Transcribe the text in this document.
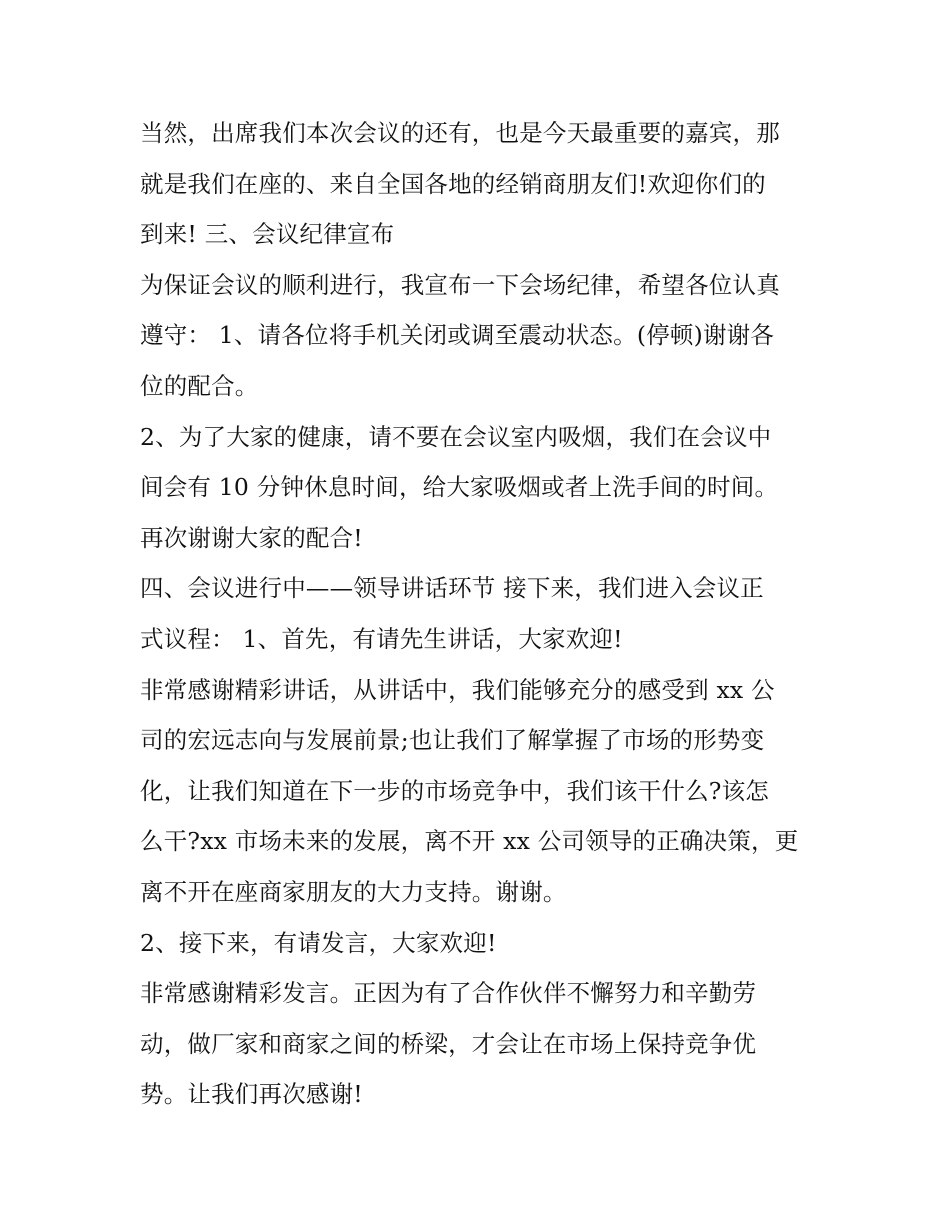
当然，出席我们本次会议的还有，也是今天最重要的嘉宾，那
就是我们在座的、来自全国各地的经销商朋友们!欢迎你们的
到来! 三、会议纪律宣布

为保证会议的顺利进行，我宣布一下会场纪律，希望各位认真
遵守： 1、请各位将手机关闭或调至震动状态。(停顿)谢谢各
位的配合。

2、为了大家的健康，请不要在会议室内吸烟，我们在会议中
间会有 10 分钟休息时间，给大家吸烟或者上洗手间的时间。
再次谢谢大家的配合!

四、会议进行中——领导讲话环节 接下来，我们进入会议正
式议程： 1、首先，有请先生讲话，大家欢迎!

非常感谢精彩讲话，从讲话中，我们能够充分的感受到 xx 公
司的宏远志向与发展前景;也让我们了解掌握了市场的形势变
化，让我们知道在下一步的市场竞争中，我们该干什么?该怎
么干?xx 市场未来的发展，离不开 xx 公司领导的正确决策，更
离不开在座商家朋友的大力支持。谢谢。

2、接下来，有请发言，大家欢迎!

非常感谢精彩发言。正因为有了合作伙伴不懈努力和辛勤劳
动，做厂家和商家之间的桥梁，才会让在市场上保持竞争优
势。让我们再次感谢!
